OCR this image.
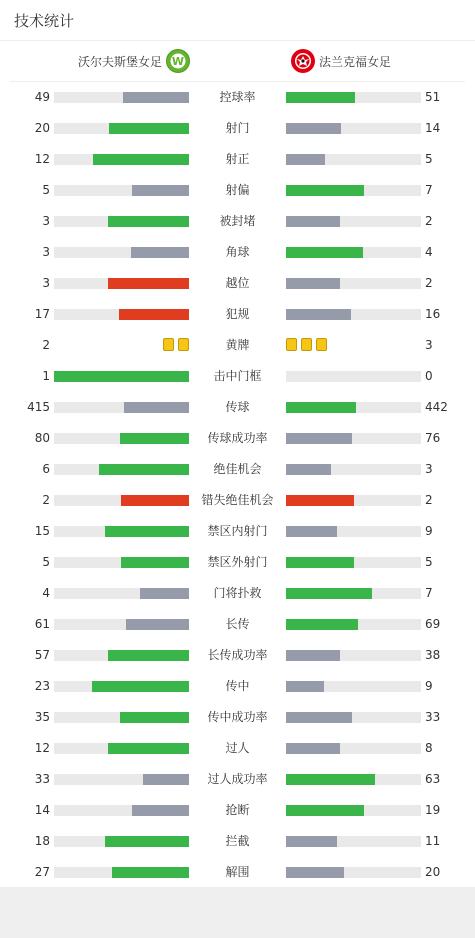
技术统计
沃尔夫斯堡女足 W	法兰克福女足
49	控球率	51
20	射门	14
12	射正	5
5	射偏	7
3	被封堵	2
3	角球	4
3	越位	2
17	犯规	16
2	黄牌	3
1	击中门框	0
415	传球	442
80	传球成功率	76
6	绝佳机会	3
2	错失绝佳机会	2
15	禁区内射门	9
5	禁区外射门	5
4	门将扑救	7
61	长传	69
57	长传成功率	38
23	传中	9
35	传中成功率	33
12	过人	8
33	过人成功率	63
14	抢断	19
18	拦截	11
27	解围	20
